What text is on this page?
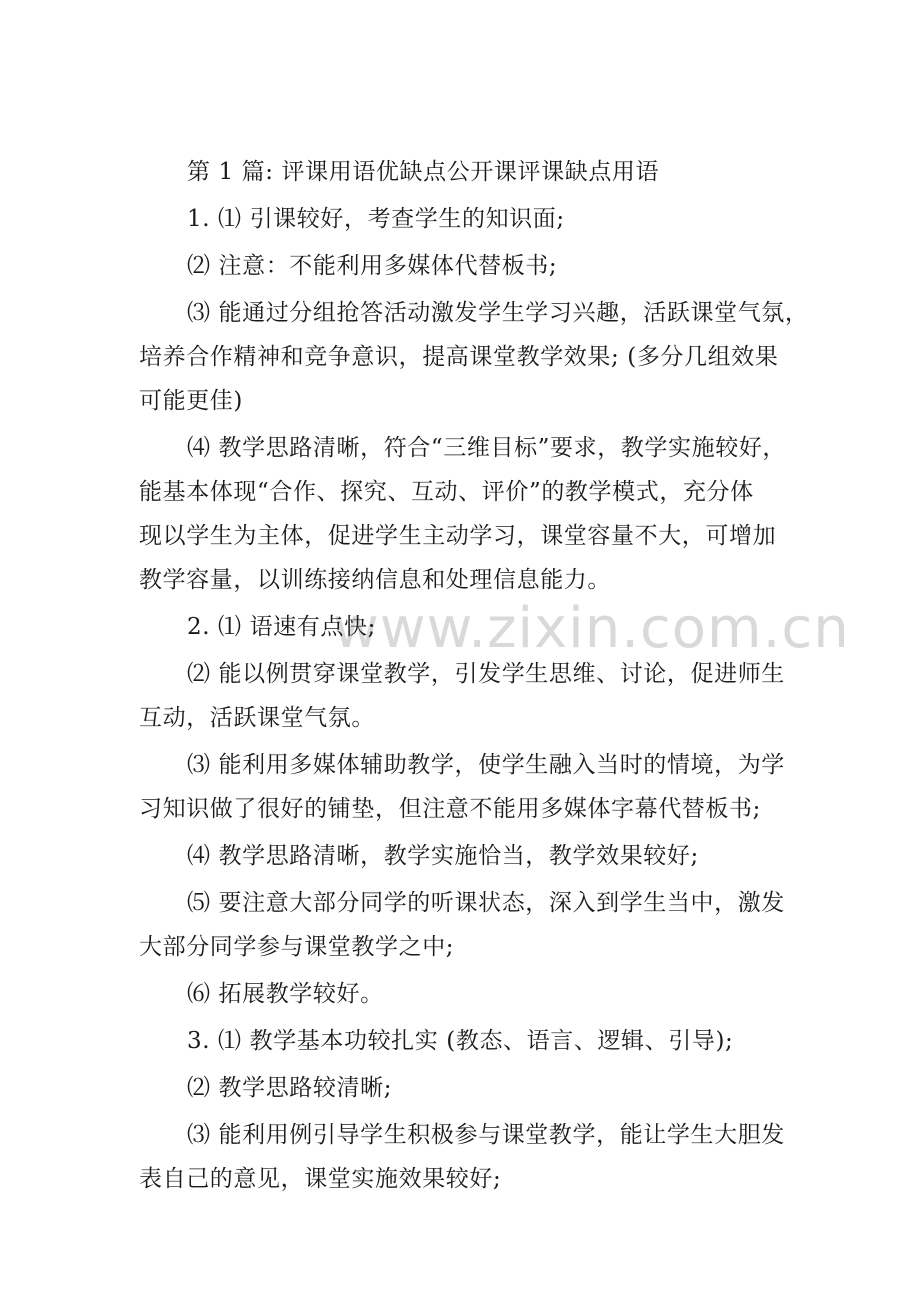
www.zixin.com.cn
第 1 篇: 评课用语优缺点公开课评课缺点用语
1. ⑴ 引课较好，考查学生的知识面;
⑵ 注意：不能利用多媒体代替板书;
⑶ 能通过分组抢答活动激发学生学习兴趣，活跃课堂气氛，
培养合作精神和竞争意识，提高课堂教学效果; (多分几组效果
可能更佳)
⑷ 教学思路清晰，符合“三维目标”要求，教学实施较好，
能基本体现“合作、探究、互动、评价”的教学模式，充分体
现以学生为主体，促进学生主动学习，课堂容量不大，可增加
教学容量，以训练接纳信息和处理信息能力。
2. ⑴ 语速有点快;
⑵ 能以例贯穿课堂教学，引发学生思维、讨论，促进师生
互动，活跃课堂气氛。
⑶ 能利用多媒体辅助教学，使学生融入当时的情境，为学
习知识做了很好的铺垫，但注意不能用多媒体字幕代替板书;
⑷ 教学思路清晰，教学实施恰当，教学效果较好;
⑸ 要注意大部分同学的听课状态，深入到学生当中，激发
大部分同学参与课堂教学之中;
⑹ 拓展教学较好。
3. ⑴ 教学基本功较扎实 (教态、语言、逻辑、引导);
⑵ 教学思路较清晰;
⑶ 能利用例引导学生积极参与课堂教学，能让学生大胆发
表自己的意见，课堂实施效果较好;
